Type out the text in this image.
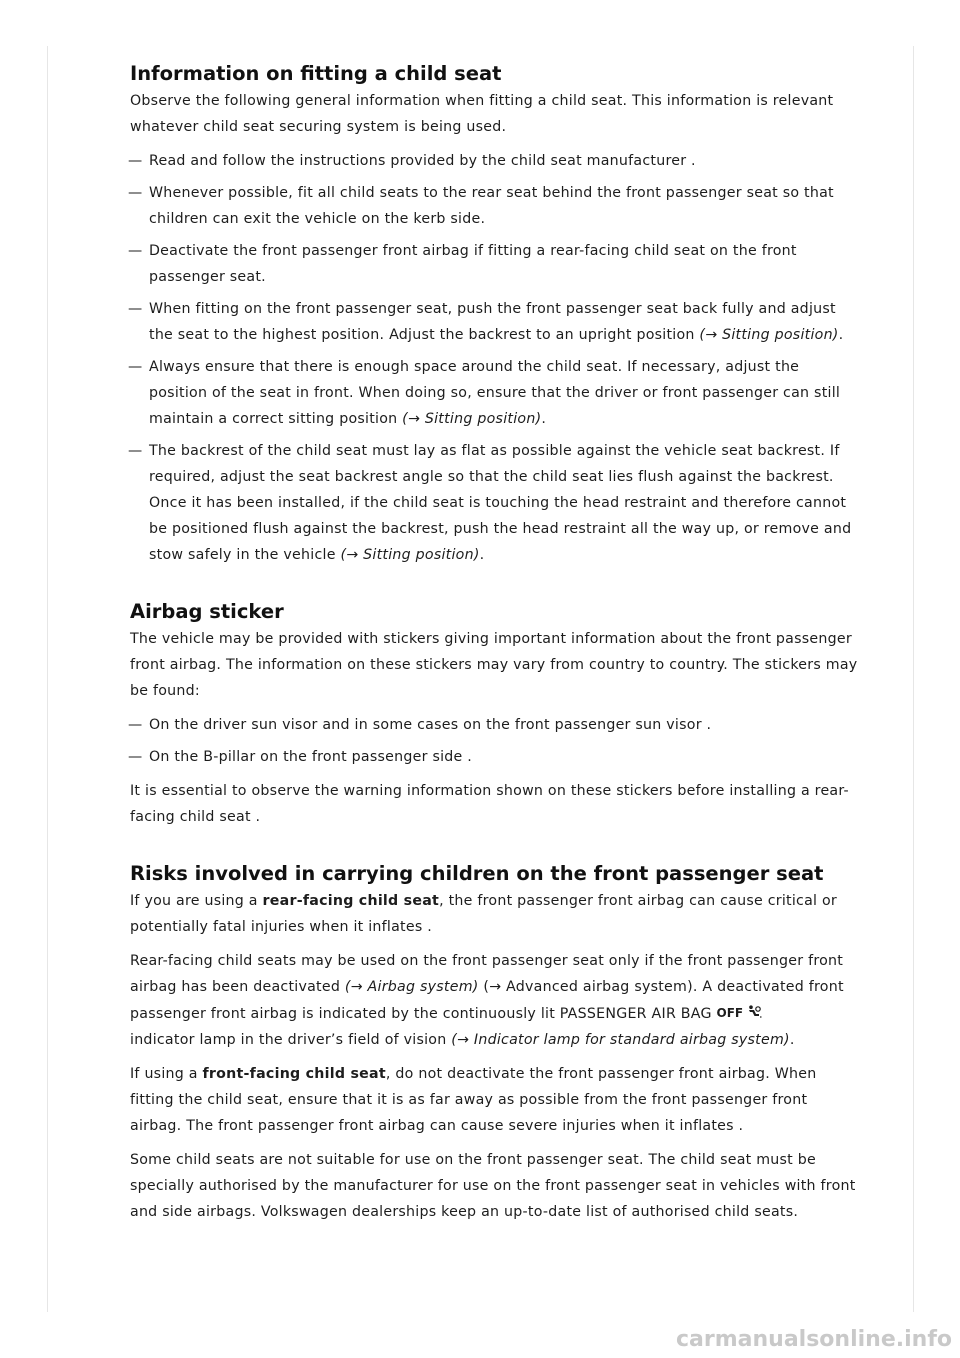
Information on fitting a child seat

Observe the following general information when fitting a child seat. This information is relevant whatever child seat securing system is being used.

— Read and follow the instructions provided by the child seat manufacturer .
— Whenever possible, fit all child seats to the rear seat behind the front passenger seat so that children can exit the vehicle on the kerb side.
— Deactivate the front passenger front airbag if fitting a rear-facing child seat on the front passenger seat.
— When fitting on the front passenger seat, push the front passenger seat back fully and adjust the seat to the highest position. Adjust the backrest to an upright position (→ Sitting position).
— Always ensure that there is enough space around the child seat. If necessary, adjust the position of the seat in front. When doing so, ensure that the driver or front passenger can still maintain a correct sitting position (→ Sitting position).
— The backrest of the child seat must lay as flat as possible against the vehicle seat backrest. If required, adjust the seat backrest angle so that the child seat lies flush against the backrest. Once it has been installed, if the child seat is touching the head restraint and therefore cannot be positioned flush against the backrest, push the head restraint all the way up, or remove and stow safely in the vehicle (→ Sitting position).
Airbag sticker

The vehicle may be provided with stickers giving important information about the front passenger front airbag. The information on these stickers may vary from country to country. The stickers may be found:

— On the driver sun visor and in some cases on the front passenger sun visor .
— On the B-pillar on the front passenger side .

It is essential to observe the warning information shown on these stickers before installing a rear-facing child seat .

Risks involved in carrying children on the front passenger seat

If you are using a rear-facing child seat, the front passenger front airbag can cause critical or potentially fatal injuries when it inflates .

Rear-facing child seats may be used on the front passenger seat only if the front passenger front airbag has been deactivated (→ Airbag system) (→ Advanced airbag system). A deactivated front passenger front airbag is indicated by the continuously lit PASSENGER AIR BAG OFF
indicator lamp in the driver’s field of vision (→ Indicator lamp for standard airbag system).

If using a front-facing child seat, do not deactivate the front passenger front airbag. When fitting the child seat, ensure that it is as far away as possible from the front passenger front airbag. The front passenger front airbag can cause severe injuries when it inflates .

Some child seats are not suitable for use on the front passenger seat. The child seat must be specially authorised by the manufacturer for use on the front passenger seat in vehicles with front and side airbags. Volkswagen dealerships keep an up-to-date list of authorised child seats.

carmanualsonline.info
